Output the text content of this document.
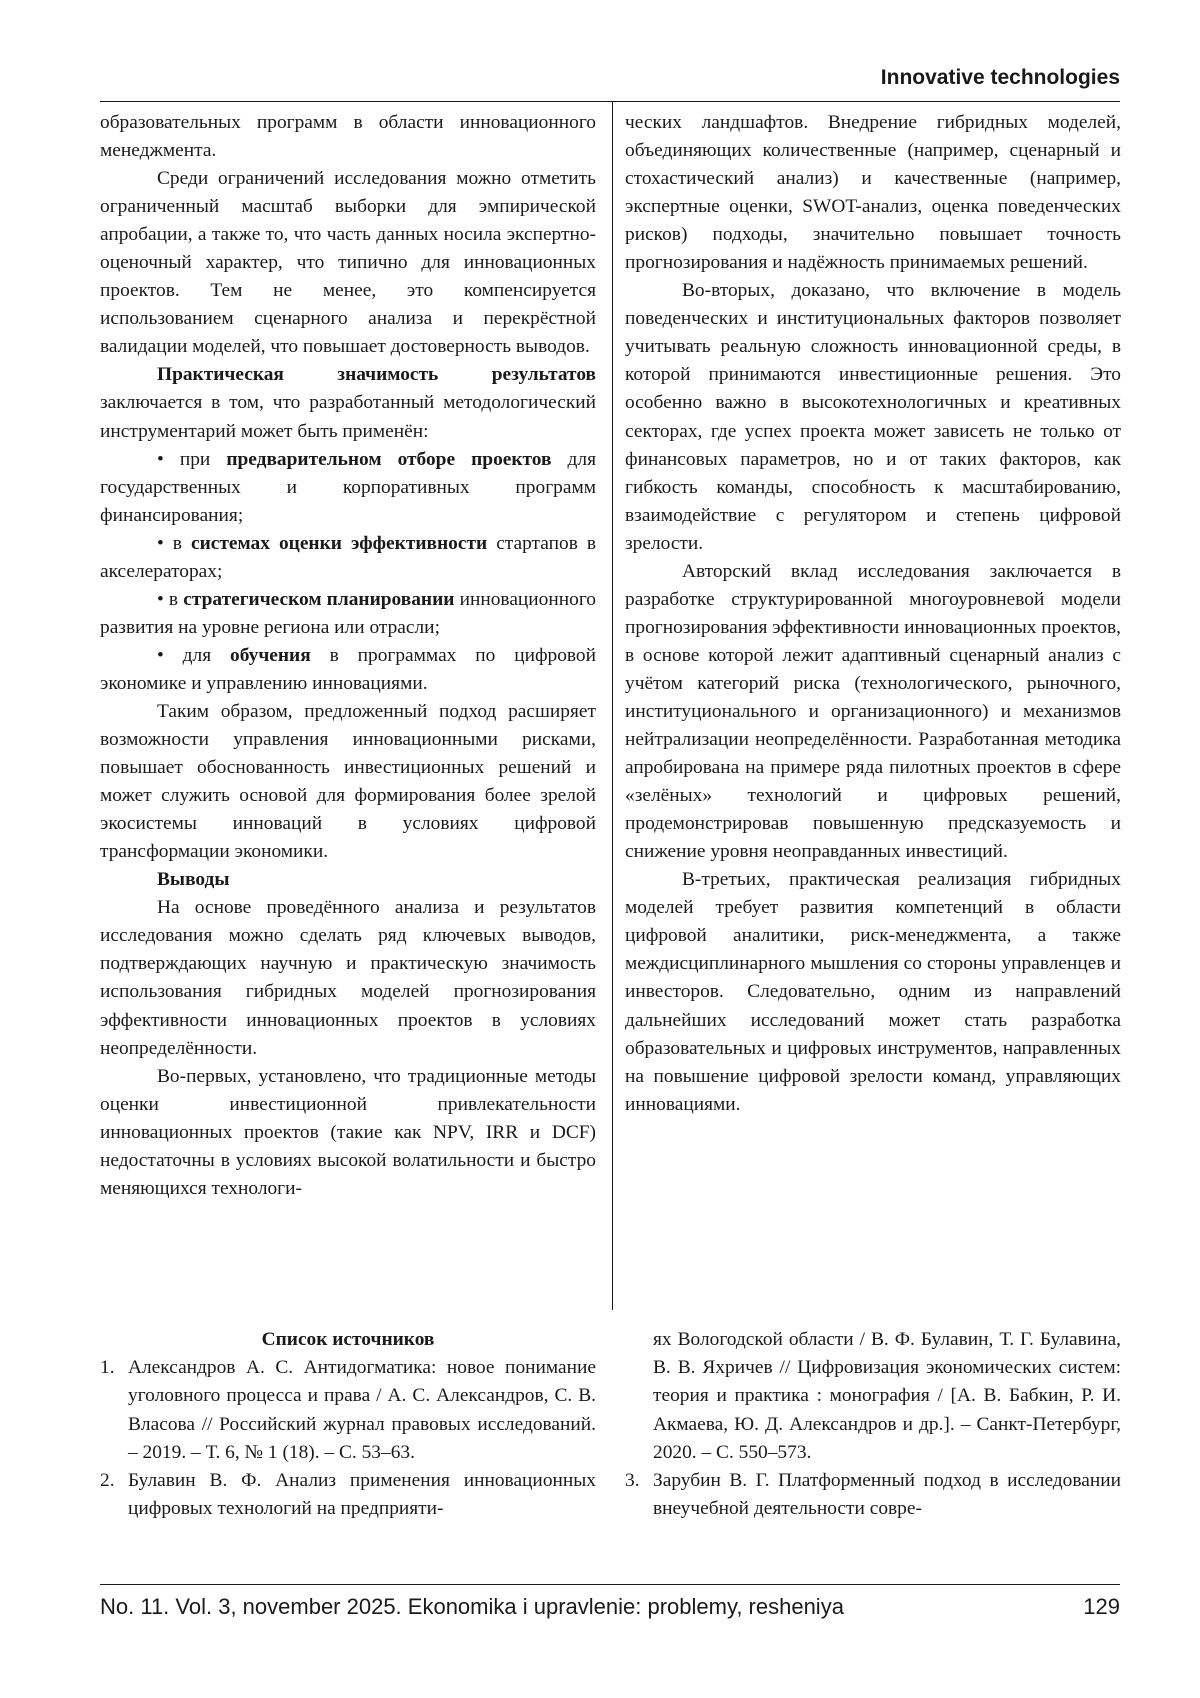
Innovative technologies

образовательных программ в области инновационного менеджмента.

Среди ограничений исследования можно отметить ограниченный масштаб выборки для эмпирической апробации, а также то, что часть данных носила экспертно-оценочный характер, что типично для инновационных проектов. Тем не менее, это компенсируется использованием сценарного анализа и перекрёстной валидации моделей, что повышает достоверность выводов.

Практическая значимость результатов заключается в том, что разработанный методологический инструментарий может быть применён:

• при предварительном отборе проектов для государственных и корпоративных программ финансирования;

• в системах оценки эффективности стартапов в акселераторах;

• в стратегическом планировании инновационного развития на уровне региона или отрасли;

• для обучения в программах по цифровой экономике и управлению инновациями.

Таким образом, предложенный подход расширяет возможности управления инновационными рисками, повышает обоснованность инвестиционных решений и может служить основой для формирования более зрелой экосистемы инноваций в условиях цифровой трансформации экономики.

Выводы

На основе проведённого анализа и результатов исследования можно сделать ряд ключевых выводов, подтверждающих научную и практическую значимость использования гибридных моделей прогнозирования эффективности инновационных проектов в условиях неопределённости.

Во-первых, установлено, что традиционные методы оценки инвестиционной привлекательности инновационных проектов (такие как NPV, IRR и DCF) недостаточны в условиях высокой волатильности и быстро меняющихся технологи-

ческих ландшафтов. Внедрение гибридных моделей, объединяющих количественные (например, сценарный и стохастический анализ) и качественные (например, экспертные оценки, SWOT-анализ, оценка поведенческих рисков) подходы, значительно повышает точность прогнозирования и надёжность принимаемых решений.

Во-вторых, доказано, что включение в модель поведенческих и институциональных факторов позволяет учитывать реальную сложность инновационной среды, в которой принимаются инвестиционные решения. Это особенно важно в высокотехнологичных и креативных секторах, где успех проекта может зависеть не только от финансовых параметров, но и от таких факторов, как гибкость команды, способность к масштабированию, взаимодействие с регулятором и степень цифровой зрелости.

Авторский вклад исследования заключается в разработке структурированной многоуровневой модели прогнозирования эффективности инновационных проектов, в основе которой лежит адаптивный сценарный анализ с учётом категорий риска (технологического, рыночного, институционального и организационного) и механизмов нейтрализации неопределённости. Разработанная методика апробирована на примере ряда пилотных проектов в сфере «зелёных» технологий и цифровых решений, продемонстрировав повышенную предсказуемость и снижение уровня неоправданных инвестиций.

В-третьих, практическая реализация гибридных моделей требует развития компетенций в области цифровой аналитики, риск-менеджмента, а также междисциплинарного мышления со стороны управленцев и инвесторов. Следовательно, одним из направлений дальнейших исследований может стать разработка образовательных и цифровых инструментов, направленных на повышение цифровой зрелости команд, управляющих инновациями.

Список источников

1. Александров А. С. Антидогматика: новое понимание уголовного процесса и права / А. С. Александров, С. В. Власова // Российский журнал правовых исследований. – 2019. – Т. 6, № 1 (18). – С. 53–63.
2. Булавин В. Ф. Анализ применения инновационных цифровых технологий на предприяти-

ях Вологодской области / В. Ф. Булавин, Т. Г. Булавина, В. В. Яхричев // Цифровизация экономических систем: теория и практика : монография / [А. В. Бабкин, Р. И. Акмаева, Ю. Д. Александров и др.]. – Санкт-Петербург, 2020. – С. 550–573.

3. Зарубин В. Г. Платформенный подход в исследовании внеучебной деятельности совре-
No. 11. Vol. 3, november 2025. Ekonomika i upravlenie: problemy, resheniya	129
